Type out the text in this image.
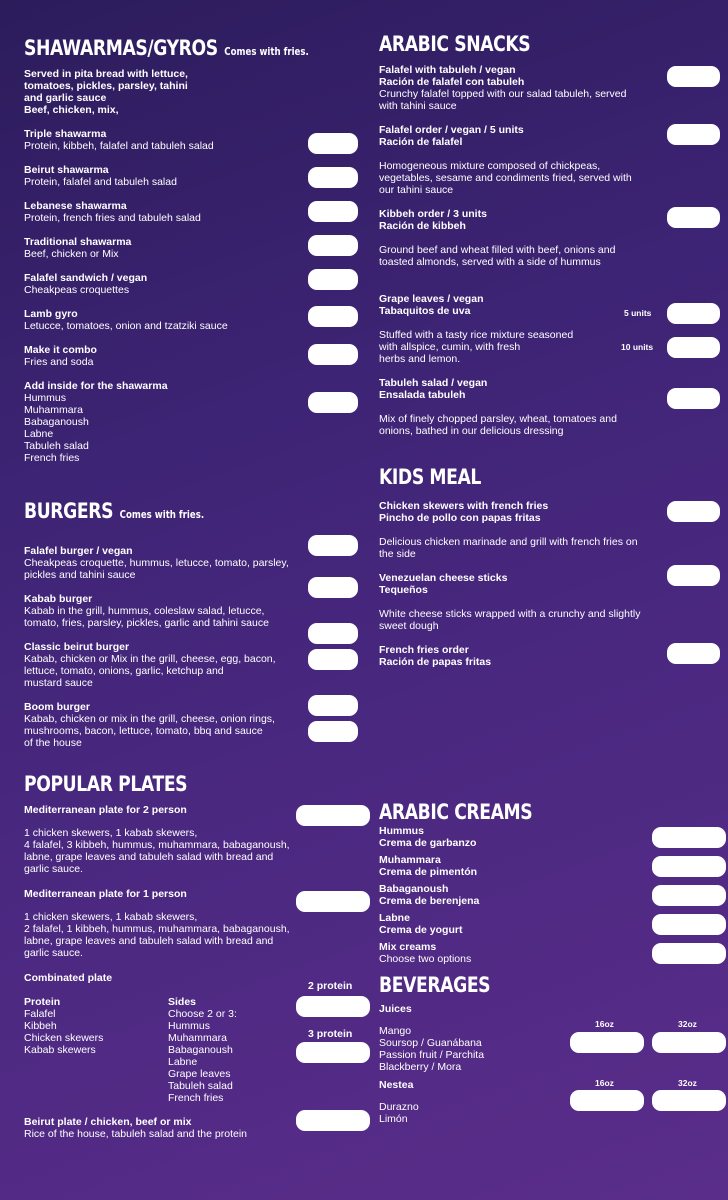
SHAWARMAS/GYROS Comes with fries.
Served in pita bread with lettuce,
tomatoes, pickles, parsley, tahini
and garlic sauce
Beef, chicken, mix,
Triple shawarma
Protein, kibbeh, falafel and tabuleh salad
Beirut shawarma
Protein, falafel and tabuleh salad
Lebanese shawarma
Protein, french fries and tabuleh salad
Traditional shawarma
Beef, chicken or Mix
Falafel sandwich / vegan
Cheakpeas croquettes
Lamb gyro
Letucce, tomatoes, onion and tzatziki sauce
Make it combo
Fries and soda
Add inside for the shawarma
Hummus
Muhammara
Babaganoush
Labne
Tabuleh salad
French fries
BURGERS Comes with fries.
Falafel burger / vegan
Cheakpeas croquette, hummus, letucce, tomato, parsley,
pickles and tahini sauce
Kabab burger
Kabab in the grill, hummus, coleslaw salad, letucce,
tomato, fries, parsley, pickles, garlic and tahini sauce
Classic beirut burger
Kabab, chicken or Mix in the grill, cheese, egg, bacon,
lettuce, tomato, onions, garlic, ketchup and
mustard sauce
Boom burger
Kabab, chicken or mix in the grill, cheese, onion rings,
mushrooms, bacon, lettuce, tomato, bbq and sauce
of the house
POPULAR PLATES
Mediterranean plate for 2 person
1 chicken skewers, 1 kabab skewers,
4 falafel, 3 kibbeh, hummus, muhammara, babaganoush,
labne, grape leaves and tabuleh salad with bread and
garlic sauce.
Mediterranean plate for 1 person
1 chicken skewers, 1 kabab skewers,
2 falafel, 1 kibbeh, hummus, muhammara, babaganoush,
labne, grape leaves and tabuleh salad with bread and
garlic sauce.
Combinated plate
Protein
Falafel
Kibbeh
Chicken skewers
Kabab skewers
Sides
Choose 2 or 3:
Hummus
Muhammara
Babaganoush
Labne
Grape leaves
Tabuleh salad
French fries
2 protein
3 protein
Beirut plate / chicken, beef or mix
Rice of the house, tabuleh salad and the protein
ARABIC SNACKS
Falafel with tabuleh / vegan
Ración de falafel con tabuleh
Crunchy falafel topped with our salad tabuleh, served
with tahini sauce
Falafel order / vegan / 5 units
Ración de falafel
Homogeneous mixture composed of chickpeas,
vegetables, sesame and condiments fried, served with
our tahini sauce
Kibbeh order / 3 units
Ración de kibbeh
Ground beef and wheat filled with beef, onions and
toasted almonds, served with a side of hummus
Grape leaves / vegan
Tabaquitos de uva
Stuffed with a tasty rice mixture seasoned
with allspice, cumin, with fresh
herbs and lemon.
5 units
10 units
Tabuleh salad / vegan
Ensalada tabuleh
Mix of finely chopped parsley, wheat, tomatoes and
onions, bathed in our delicious dressing
KIDS MEAL
Chicken skewers with french fries
Pincho de pollo con papas fritas
Delicious chicken marinade and grill with french fries on
the side
Venezuelan cheese sticks
Tequeños
White cheese sticks wrapped with a crunchy and slightly
sweet dough
French fries order
Ración de papas fritas
ARABIC CREAMS
Hummus
Crema de garbanzo
Muhammara
Crema de pimentón
Babaganoush
Crema de berenjena
Labne
Crema de yogurt
Mix creams
Choose two options
BEVERAGES
Juices
Mango
Soursop / Guanábana
Passion fruit / Parchita
Blackberry / Mora
16oz	32oz
Nestea
Durazno
Limón
16oz	32oz
